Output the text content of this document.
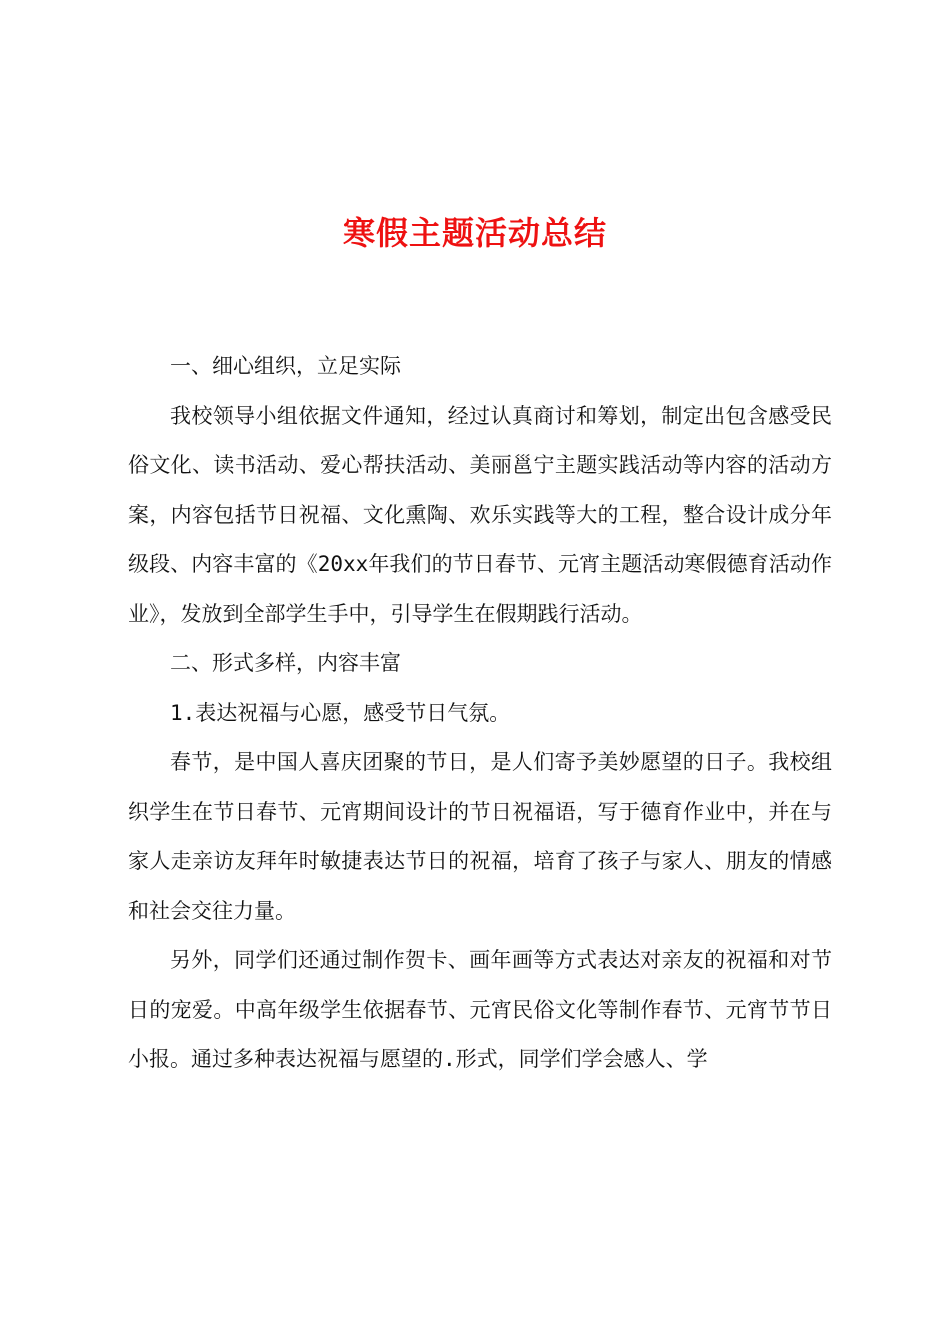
寒假主题活动总结

一、细心组织，立足实际

我校领导小组依据文件通知，经过认真商讨和筹划，制定出包含感受民俗文化、读书活动、爱心帮扶活动、美丽邕宁主题实践活动等内容的活动方案，内容包括节日祝福、文化熏陶、欢乐实践等大的工程，整合设计成分年级段、内容丰富的《20xx年我们的节日春节、元宵主题活动寒假德育活动作业》，发放到全部学生手中，引导学生在假期践行活动。

二、形式多样，内容丰富

1.表达祝福与心愿，感受节日气氛。

春节，是中国人喜庆团聚的节日，是人们寄予美妙愿望的日子。我校组织学生在节日春节、元宵期间设计的节日祝福语，写于德育作业中，并在与家人走亲访友拜年时敏捷表达节日的祝福，培育了孩子与家人、朋友的情感和社会交往力量。

另外，同学们还通过制作贺卡、画年画等方式表达对亲友的祝福和对节日的宠爱。中高年级学生依据春节、元宵民俗文化等制作春节、元宵节节日小报。通过多种表达祝福与愿望的.形式，同学们学会感人、学
